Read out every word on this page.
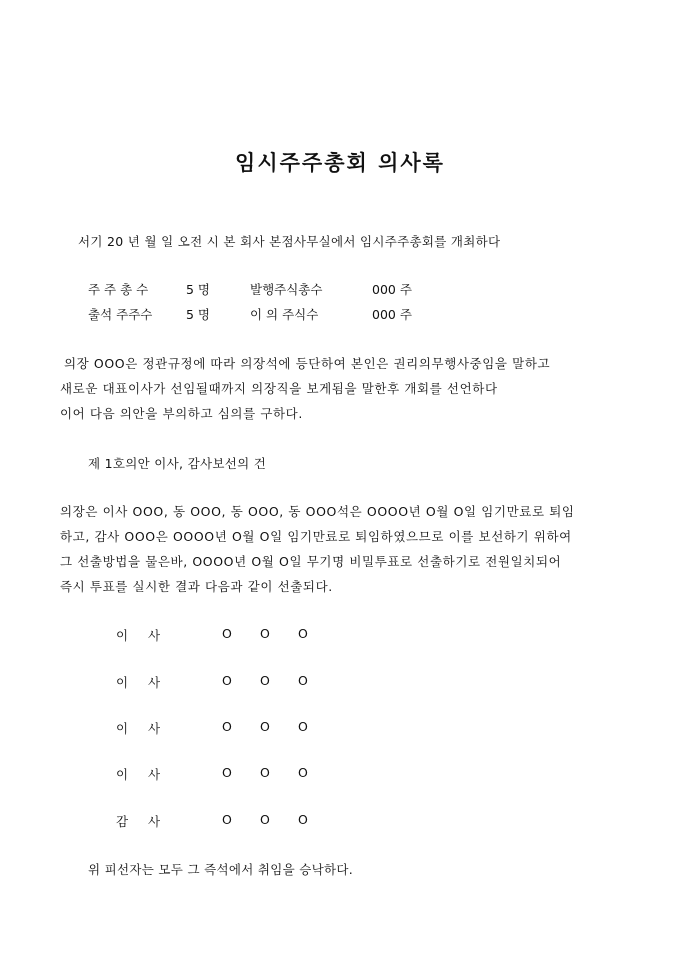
임시주주총회 의사록
서기 20 년 월 일 오전 시 본 회사 본점사무실에서 임시주주총회를 개최하다
주 주 총 수	5 명	발행주식총수	000 주
출석 주주수	5 명	이 의 주식수	000 주
의장 OOO은 정관규정에 따라 의장석에 등단하여 본인은 권리의무행사중임을 말하고
새로운 대표이사가 선임될때까지 의장직을 보게됨을 말한후 개회를 선언하다
이어 다음 의안을 부의하고 심의를 구하다.
제 1호의안 이사, 감사보선의 건
의장은 이사 OOO, 동 OOO, 동 OOO, 동 OOO석은 OOOO년 O월 O일 임기만료로 퇴임
하고, 감사 OOO은 OOOO년 O월 O일 임기만료로 퇴임하였으므로 이를 보선하기 위하여
그 선출방법을 물은바, OOOO년 O월 O일 무기명 비밀투표로 선출하기로 전원일치되어
즉시 투표를 실시한 결과 다음과 같이 선출되다.
이     사	O O O
이     사	O O O
이     사	O O O
이     사	O O O
감     사	O O O
위 피선자는 모두 그 즉석에서 취임을 승낙하다.
